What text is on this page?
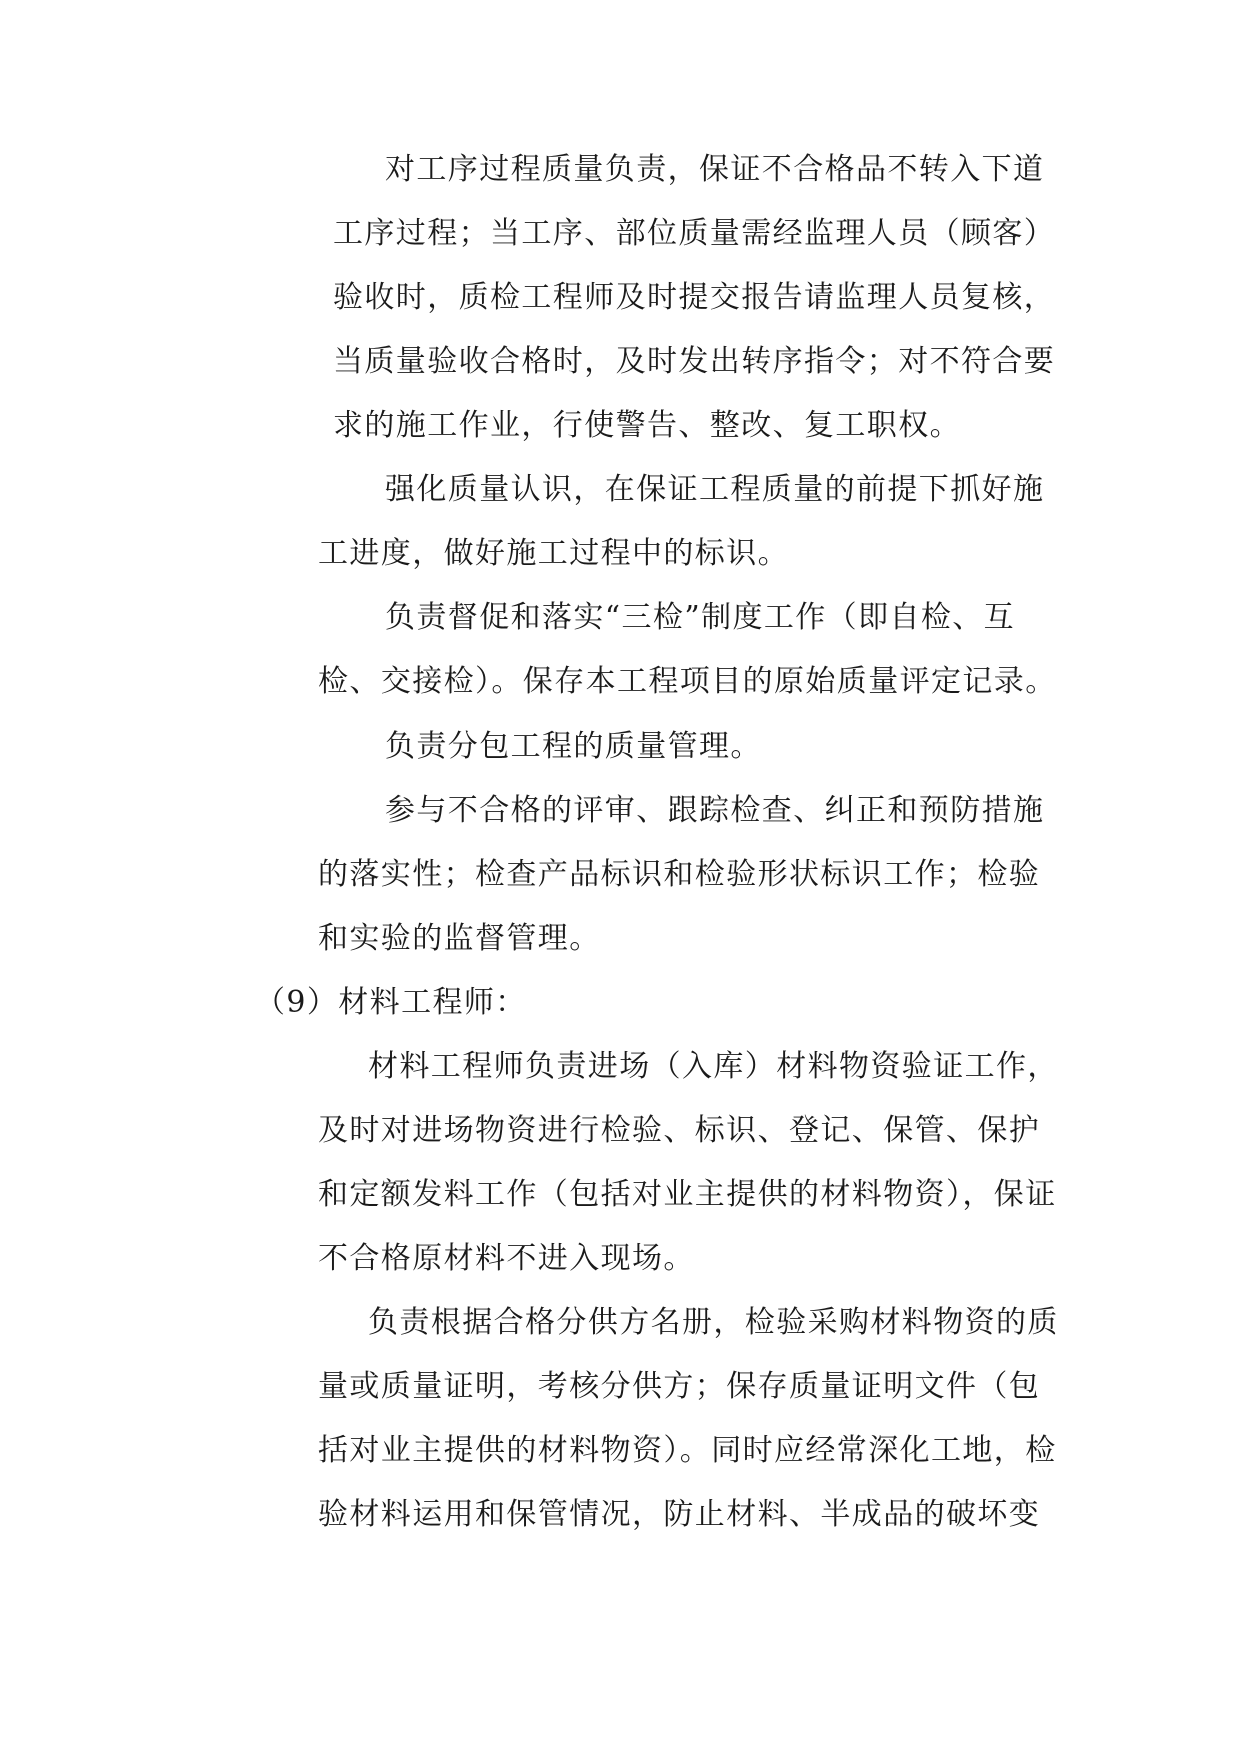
对工序过程质量负责，保证不合格品不转入下道
工序过程；当工序、部位质量需经监理人员（顾客）
验收时，质检工程师及时提交报告请监理人员复核，
当质量验收合格时，及时发出转序指令；对不符合要
求的施工作业，行使警告、整改、复工职权。
强化质量认识，在保证工程质量的前提下抓好施
工进度，做好施工过程中的标识。
负责督促和落实“三检”制度工作（即自检、互
检、交接检）。保存本工程项目的原始质量评定记录。
负责分包工程的质量管理。
参与不合格的评审、跟踪检查、纠正和预防措施
的落实性；检查产品标识和检验形状标识工作；检验
和实验的监督管理。
（9）材料工程师：
材料工程师负责进场（入库）材料物资验证工作，
及时对进场物资进行检验、标识、登记、保管、保护
和定额发料工作（包括对业主提供的材料物资），保证
不合格原材料不进入现场。
负责根据合格分供方名册，检验采购材料物资的质
量或质量证明，考核分供方；保存质量证明文件（包
括对业主提供的材料物资）。同时应经常深化工地，检
验材料运用和保管情况，防止材料、半成品的破坏变
